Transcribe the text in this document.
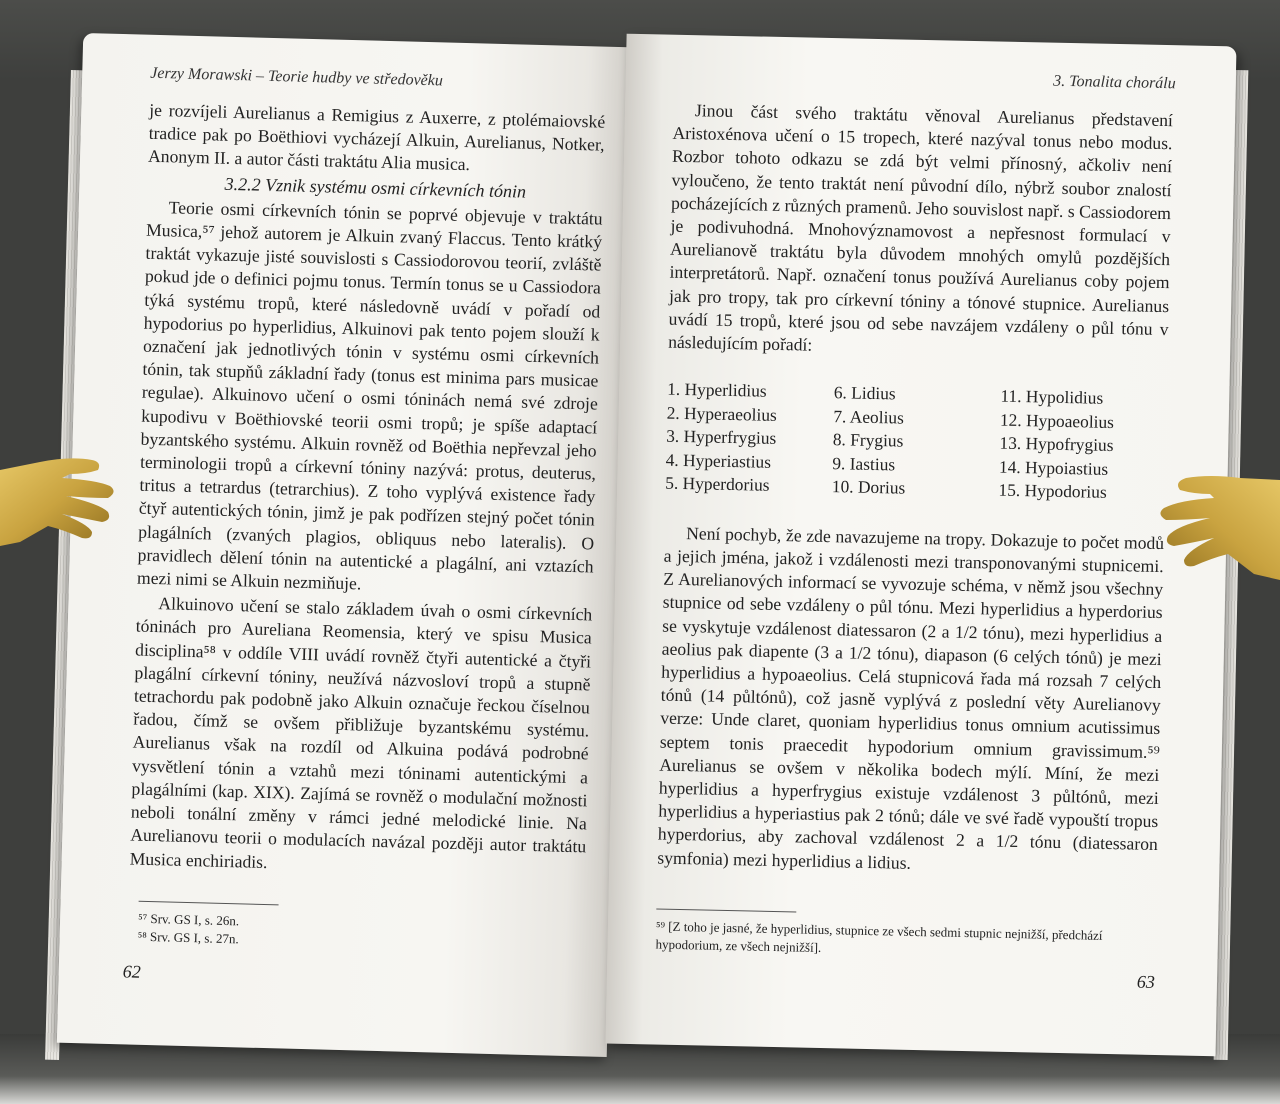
Jerzy Morawski – Teorie hudby ve středověku

je rozvíjeli Aurelianus a Remigius z Auxerre, z ptolémaiovské tradice pak po Boëthiovi vycházejí Alkuin, Aurelianus, Notker, Anonym II. a autor části traktátu Alia musica.

3.2.2 Vznik systému osmi církevních tónin

Teorie osmi církevních tónin se poprvé objevuje v traktátu Musica,⁵⁷ jehož autorem je Alkuin zvaný Flaccus. Tento krátký traktát vykazuje jisté souvislosti s Cassiodorovou teorií, zvláště pokud jde o definici pojmu tonus. Termín tonus se u Cassiodora týká systému tropů, které následovně uvádí v pořadí od hypodorius po hyperlidius, Alkuinovi pak tento pojem slouží k označení jak jednotlivých tónin v systému osmi církevních tónin, tak stupňů základní řady (tonus est minima pars musicae regulae). Alkuinovo učení o osmi tóninách nemá své zdroje kupodivu v Boëthiovské teorii osmi tropů; je spíše adaptací byzantského systému. Alkuin rovněž od Boëthia nepřevzal jeho terminologii tropů a církevní tóniny nazývá: protus, deuterus, tritus a tetrardus (tetrarchius). Z toho vyplývá existence řady čtyř autentických tónin, jimž je pak podřízen stejný počet tónin plagálních (zvaných plagios, obliquus nebo lateralis). O pravidlech dělení tónin na autentické a plagální, ani vztazích mezi nimi se Alkuin nezmiňuje.

Alkuinovo učení se stalo základem úvah o osmi církevních tóninách pro Aureliana Reomensia, který ve spisu Musica disciplina⁵⁸ v oddíle VIII uvádí rovněž čtyři autentické a čtyři plagální církevní tóniny, neužívá názvosloví tropů a stupně tetrachordu pak podobně jako Alkuin označuje řeckou číselnou řadou, čímž se ovšem přibližuje byzantskému systému. Aurelianus však na rozdíl od Alkuina podává podrobné vysvětlení tónin a vztahů mezi tóninami autentickými a plagálními (kap. XIX). Zajímá se rovněž o modulační možnosti neboli tonální změny v rámci jedné melodické linie. Na Aurelianovu teorii o modulacích navázal později autor traktátu Musica enchiriadis.

⁵⁷ Srv. GS I, s. 26n.
⁵⁸ Srv. GS I, s. 27n.
62
3. Tonalita chorálu

Jinou část svého traktátu věnoval Aurelianus představení Aristoxénova učení o 15 tropech, které nazýval tonus nebo modus. Rozbor tohoto odkazu se zdá být velmi přínosný, ačkoliv není vyloučeno, že tento traktát není původní dílo, nýbrž soubor znalostí pocházejících z různých pramenů. Jeho souvislost např. s Cassiodorem je podivuhodná. Mnohovýznamovost a nepřesnost formulací v Aurelianově traktátu byla důvodem mnohých omylů pozdějších interpretátorů. Např. označení tonus používá Aurelianus coby pojem jak pro tropy, tak pro církevní tóniny a tónové stupnice. Aurelianus uvádí 15 tropů, které jsou od sebe navzájem vzdáleny o půl tónu v následujícím pořadí:

1. Hyperlidius
2. Hyperaeolius
3. Hyperfrygius
4. Hyperiastius
5. Hyperdorius
6. Lidius
7. Aeolius
8. Frygius
9. Iastius
10. Dorius
11. Hypolidius
12. Hypoaeolius
13. Hypofrygius
14. Hypoiastius
15. Hypodorius

Není pochyb, že zde navazujeme na tropy. Dokazuje to počet modů a jejich jména, jakož i vzdálenosti mezi transponovanými stupnicemi. Z Aurelianových informací se vyvozuje schéma, v němž jsou všechny stupnice od sebe vzdáleny o půl tónu. Mezi hyperlidius a hyperdorius se vyskytuje vzdálenost diatessaron (2 a 1/2 tónu), mezi hyperlidius a aeolius pak diapente (3 a 1/2 tónu), diapason (6 celých tónů) je mezi hyperlidius a hypoaeolius. Celá stupnicová řada má rozsah 7 celých tónů (14 půltónů), což jasně vyplývá z poslední věty Aurelianovy verze: Unde claret, quoniam hyperlidius tonus omnium acutissimus septem tonis praecedit hypodorium omnium gravissimum.⁵⁹ Aurelianus se ovšem v několika bodech mýlí. Míní, že mezi hyperlidius a hyperfrygius existuje vzdálenost 3 půltónů, mezi hyperlidius a hyperiastius pak 2 tónů; dále ve své řadě vypouští tropus hyperdorius, aby zachoval vzdálenost 2 a 1/2 tónu (diatessaron symfonia) mezi hyperlidius a lidius.

⁵⁹ [Z toho je jasné, že hyperlidius, stupnice ze všech sedmi stupnic nejnižší, předchází hypodorium, ze všech nejnižší].
63
